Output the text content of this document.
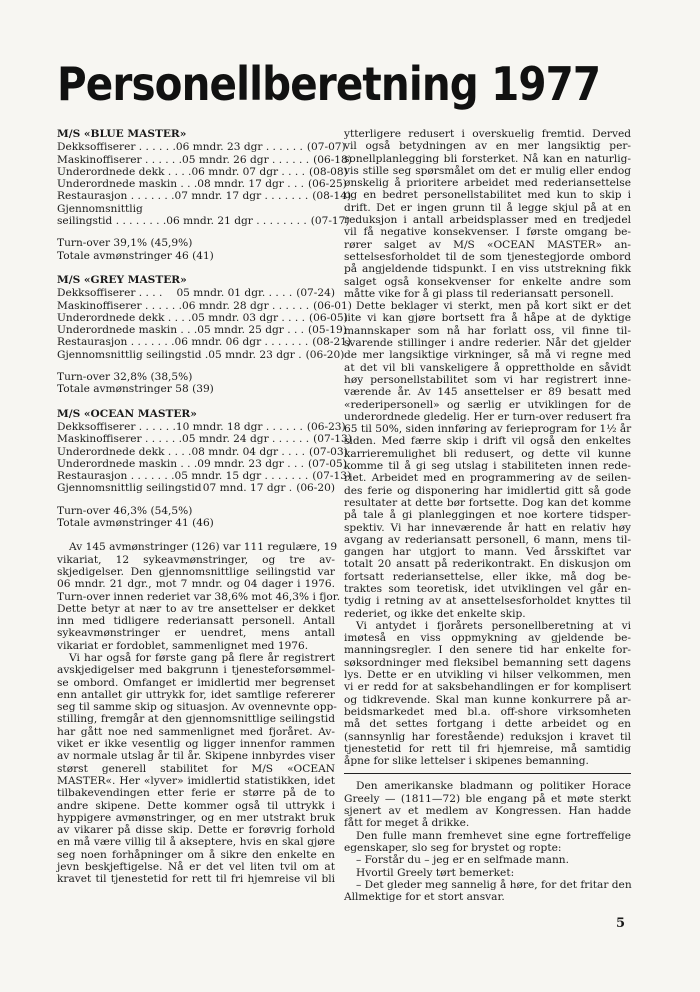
Personellberetning 1977
M/S «BLUE MASTER»
Dekksoffiserer . . . . . . 06 mndr. 23 dgr . . . . . . (07-07)
Maskinoffiserer . . . . . . 05 mndr. 26 dgr . . . . . . (06-18)
Underordnede dekk . . . . 06 mndr. 07 dgr . . . . (08-08)
Underordnede maskin . . . 08 mndr. 17 dgr . . . (06-25)
Restaurasjon . . . . . . . 07 mndr. 17 dgr . . . . . . . (08-14)
Gjennomsnittlig
seilingstid . . . . . . . . 06 mndr. 21 dgr . . . . . . . . (07-17)
Turn-over 39,1% (45,9%)
Totale avmønstringer 46 (41)
M/S «GREY MASTER»
Dekksoffiserer . . . . 05 mndr. 01 dgr. . . . . (07-24)
Maskinoffiserer . . . . . . 06 mndr. 28 dgr . . . . . . (06-01)
Underordnede dekk . . . . 05 mndr. 03 dgr . . . . (06-05)
Underordnede maskin . . . 05 mndr. 25 dgr . . . (05-19)
Restaurasjon . . . . . . . 06 mndr. 06 dgr . . . . . . . (08-21)
Gjennomsnittlig seilingstid . 05 mndr. 23 dgr . (06-20)
Turn-over 32,8% (38,5%)
Totale avmønstringer 58 (39)
M/S «OCEAN MASTER»
Dekksoffiserer . . . . . . 10 mndr. 18 dgr . . . . . . (06-23)
Maskinoffiserer . . . . . . 05 mndr. 24 dgr . . . . . . (07-13)
Underordnede dekk . . . . 08 mndr. 04 dgr . . . . (07-03)
Underordnede maskin . . . 09 mndr. 23 dgr . . . (07-05)
Restaurasjon . . . . . . . 05 mndr. 15 dgr . . . . . . . (07-13)
Gjennomsnittlig seilingstid 07 mnd. 17 dgr . (06-20)
Turn-over 46,3% (54,5%)
Totale avmønstringer 41 (46)

Av 145 avmønstringer (126) var 111 regulære, 19

vikariat, 12 sykeavmønstringer, og tre av-

skjedigelser. Den gjennomsnittlige seilingstid var

06 mndr. 21 dgr., mot 7 mndr. og 04 dager i 1976.

Turn-over innen rederiet var 38,6% mot 46,3% i fjor.

Dette betyr at nær to av tre ansettelser er dekket

inn med tidligere rederiansatt personell. Antall

sykeavmønstringer er uendret, mens antall

vikariat er fordoblet, sammenlignet med 1976.

Vi har også for første gang på flere år registrert

avskjedigelser med bakgrunn i tjenesteforsømmel-

se ombord. Omfanget er imidlertid mer begrenset

enn antallet gir uttrykk for, idet samtlige refererer

seg til samme skip og situasjon. Av ovennevnte opp-

stilling, fremgår at den gjennomsnittlige seilingstid

har gått noe ned sammenlignet med fjoråret. Av-

viket er ikke vesentlig og ligger innenfor rammen

av normale utslag år til år. Skipene innbyrdes viser

størst generell stabilitet for M/S «OCEAN

MASTER«. Her «lyver» imidlertid statistikken, idet

tilbakevendingen etter ferie er større på de to

andre skipene. Dette kommer også til uttrykk i

hyppigere avmønstringer, og en mer utstrakt bruk

av vikarer på disse skip. Dette er forøvrig forhold

en må være villig til å akseptere, hvis en skal gjøre

seg noen forhåpninger om å sikre den enkelte en

jevn beskjeftigelse. Nå er det vel liten tvil om at

kravet til tjenestetid for rett til fri hjemreise vil bli

ytterligere redusert i overskuelig fremtid. Derved

vil også betydningen av en mer langsiktig per-

sonellplanlegging bli forsterket. Nå kan en naturlig-

vis stille seg spørsmålet om det er mulig eller endog

ønskelig å prioritere arbeidet med rederiansettelse

og en bedret personellstabilitet med kun to skip i

drift. Det er ingen grunn til å legge skjul på at en

reduksjon i antall arbeidsplasser med en tredjedel

vil få negative konsekvenser. I første omgang be-

rører salget av M/S «OCEAN MASTER» an-

settelsesforholdet til de som tjenestegjorde ombord

på angjeldende tidspunkt. I en viss utstrekning fikk

salget også konsekvenser for enkelte andre som

måtte vike for å gi plass til rederiansatt personell.

Dette beklager vi sterkt, men på kort sikt er det

lite vi kan gjøre bortsett fra å håpe at de dyktige

mannskaper som nå har forlatt oss, vil finne til-

svarende stillinger i andre rederier. Når det gjelder

de mer langsiktige virkninger, så må vi regne med

at det vil bli vanskeligere å opprettholde en såvidt

høy personellstabilitet som vi har registrert inne-

værende år. Av 145 ansettelser er 89 besatt med

«rederipersonell» og særlig er utviklingen for de

underordnede gledelig. Her er turn-over redusert fra

65 til 50%, siden innføring av ferieprogram for 1½ år

siden. Med færre skip i drift vil også den enkeltes

karrieremulighet bli redusert, og dette vil kunne

komme til å gi seg utslag i stabiliteten innen rede-

riet. Arbeidet med en programmering av de seilen-

des ferie og disponering har imidlertid gitt så gode

resultater at dette bør fortsette. Dog kan det komme

på tale å gi planleggingen et noe kortere tidsper-

spektiv. Vi har inneværende år hatt en relativ høy

avgang av rederiansatt personell, 6 mann, mens til-

gangen har utgjort to mann. Ved årsskiftet var

totalt 20 ansatt på rederikontrakt. En diskusjon om

fortsatt rederiansettelse, eller ikke, må dog be-

traktes som teoretisk, idet utviklingen vel går en-

tydig i retning av at ansettelsesforholdet knyttes til

rederiet, og ikke det enkelte skip.

Vi antydet i fjorårets personellberetning at vi

imøteså en viss oppmykning av gjeldende be-

manningsregler. I den senere tid har enkelte for-

søksordninger med fleksibel bemanning sett dagens

lys. Dette er en utvikling vi hilser velkommen, men

vi er redd for at saksbehandlingen er for komplisert

og tidkrevende. Skal man kunne konkurrere på ar-

beidsmarkedet med bl.a. off-shore virksomheten

må det settes fortgang i dette arbeidet og en

(sannsynlig har forestående) reduksjon i kravet til

tjenestetid for rett til fri hjemreise, må samtidig

åpne for slike lettelser i skipenes bemanning.

Den amerikanske bladmann og politiker Horace

Greely — (1811—72) ble engang på et møte sterkt

sjenert av et medlem av Kongressen. Han hadde

fått for meget å drikke.

Den fulle mann fremhevet sine egne fortreffelige

egenskaper, slo seg for brystet og ropte:

– Forstår du – jeg er en selfmade mann.

Hvortil Greely tørt bemerket:

– Det gleder meg sannelig å høre, for det fritar den

Allmektige for et stort ansvar.

5
